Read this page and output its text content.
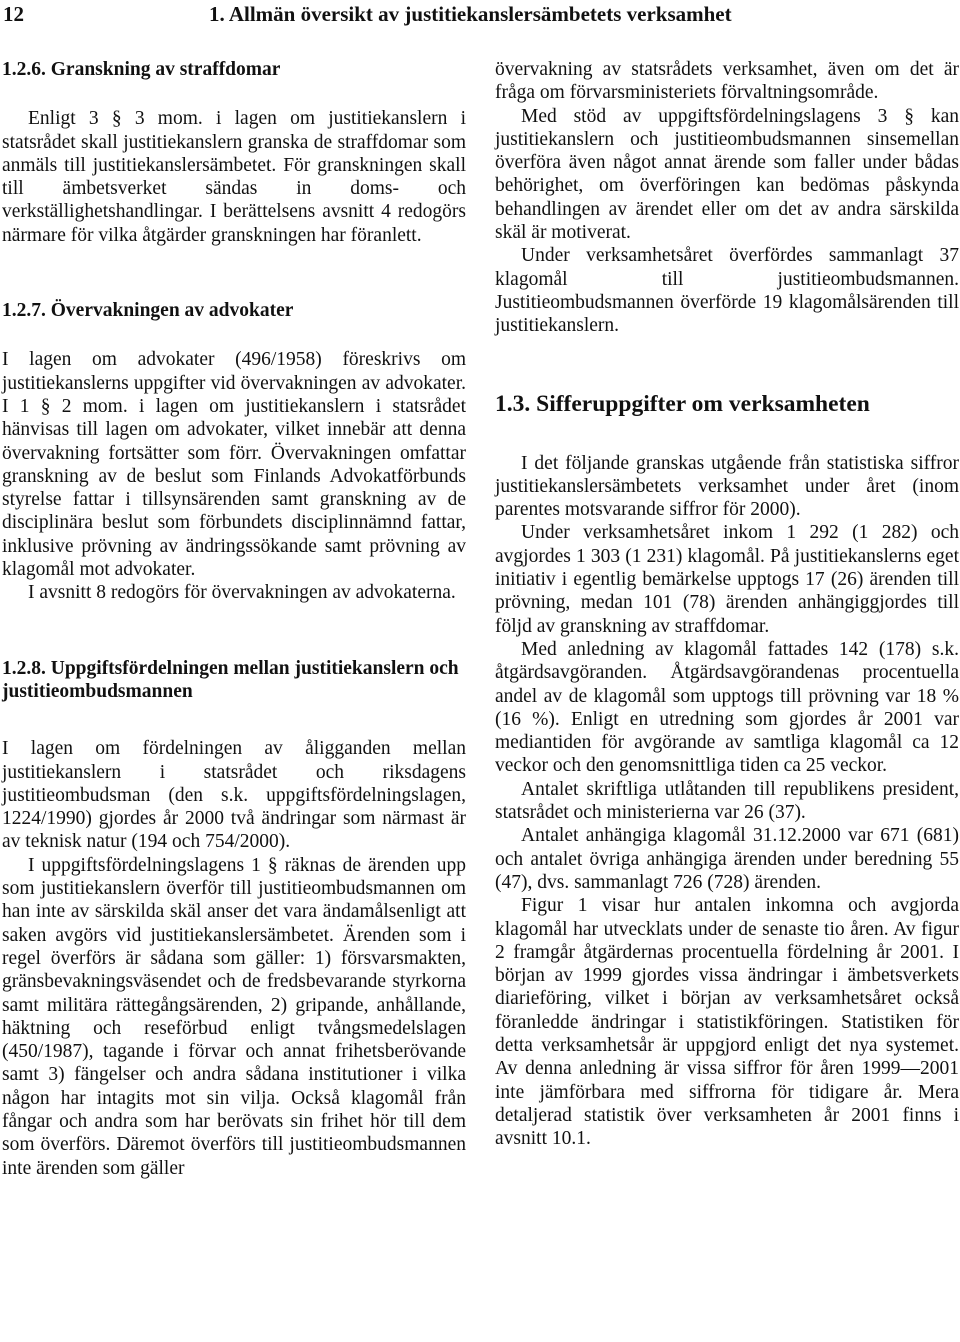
12	1. Allmän översikt av justitiekanslersämbetets verksamhet
1.2.6. Granskning av straffdomar

Enligt 3 § 3 mom. i lagen om justitiekanslern i statsrådet skall justitiekanslern granska de straffdomar som anmäls till justitiekanslersämbetet. För granskningen skall till ämbetsverket sändas in doms- och verkställighetshandlingar. I berättelsens avsnitt 4 redogörs närmare för vilka åtgärder granskningen har föranlett.

1.2.7. Övervakningen av advokater

I lagen om advokater (496/1958) föreskrivs om justitiekanslerns uppgifter vid övervakningen av advokater. I 1 § 2 mom. i lagen om justitiekanslern i statsrådet hänvisas till lagen om advokater, vilket innebär att denna övervakning fortsätter som förr. Övervakningen omfattar granskning av de beslut som Finlands Advokatförbunds styrelse fattar i tillsynsärenden samt granskning av de disciplinära beslut som förbundets disciplinnämnd fattar, inklusive prövning av ändringssökande samt prövning av klagomål mot advokater.

I avsnitt 8 redogörs för övervakningen av advokaterna.

1.2.8. Uppgiftsfördelningen mellan justitiekanslern och justitieombudsmannen

I lagen om fördelningen av åligganden mellan justitiekanslern i statsrådet och riksdagens justitieombudsman (den s.k. uppgiftsfördelningslagen, 1224/1990) gjordes år 2000 två ändringar som närmast är av teknisk natur (194 och 754/2000).

I uppgiftsfördelningslagens 1 § räknas de ärenden upp som justitiekanslern överför till justitieombudsmannen om han inte av särskilda skäl anser det vara ändamålsenligt att saken avgörs vid justitiekanslersämbetet. Ärenden som i regel överförs är sådana som gäller: 1) försvarsmakten, gränsbevakningsväsendet och de fredsbevarande styrkorna samt militära rättegångsärenden, 2) gripande, anhållande, häktning och reseförbud enligt tvångsmedelslagen (450/1987), tagande i förvar och annat frihetsberövande samt 3) fängelser och andra sådana institutioner i vilka någon har intagits mot sin vilja. Också klagomål från fångar och andra som har berövats sin frihet hör till dem som överförs. Däremot överförs till justitieombudsmannen inte ärenden som gäller

övervakning av statsrådets verksamhet, även om det är fråga om förvarsministeriets förvaltningsområde.

Med stöd av uppgiftsfördelningslagens 3 § kan justitiekanslern och justitieombudsmannen sinsemellan överföra även något annat ärende som faller under bådas behörighet, om överföringen kan bedömas påskynda behandlingen av ärendet eller om det av andra särskilda skäl är motiverat.

Under verksamhetsåret överfördes sammanlagt 37 klagomål till justitieombudsmannen. Justitieombudsmannen överförde 19 klagomålsärenden till justitiekanslern.

1.3. Sifferuppgifter om verksamheten

I det följande granskas utgående från statistiska siffror justitiekanslersämbetets verksamhet under året (inom parentes motsvarande siffror för 2000).

Under verksamhetsåret inkom 1 292 (1 282) och avgjordes 1 303 (1 231) klagomål. På justitiekanslerns eget initiativ i egentlig bemärkelse upptogs 17 (26) ärenden till prövning, medan 101 (78) ärenden anhängiggjordes till följd av granskning av straffdomar.

Med anledning av klagomål fattades 142 (178) s.k. åtgärdsavgöranden. Åtgärdsavgörandenas procentuella andel av de klagomål som upptogs till prövning var 18 % (16 %). Enligt en utredning som gjordes år 2001 var mediantiden för avgörande av samtliga klagomål ca 12 veckor och den genomsnittliga tiden ca 25 veckor.

Antalet skriftliga utlåtanden till republikens president, statsrådet och ministerierna var 26 (37).

Antalet anhängiga klagomål 31.12.2000 var 671 (681) och antalet övriga anhängiga ärenden under beredning 55 (47), dvs. sammanlagt 726 (728) ärenden.

Figur 1 visar hur antalen inkomna och avgjorda klagomål har utvecklats under de senaste tio åren. Av figur 2 framgår åtgärdernas procentuella fördelning år 2001. I början av 1999 gjordes vissa ändringar i ämbetsverkets diarieföring, vilket i början av verksamhetsåret också föranledde ändringar i statistikföringen. Statistiken för detta verksamhetsår är uppgjord enligt det nya systemet. Av denna anledning är vissa siffror för åren 1999—2001 inte jämförbara med siffrorna för tidigare år. Mera detaljerad statistik över verksamheten år 2001 finns i avsnitt 10.1.
